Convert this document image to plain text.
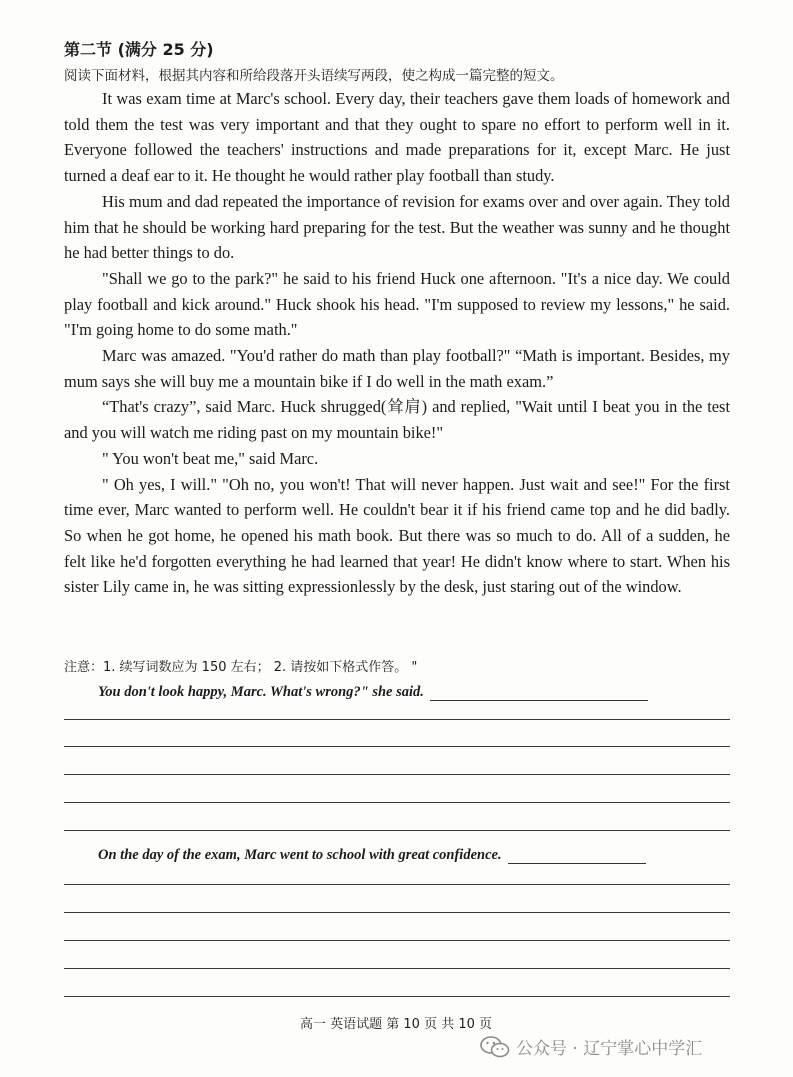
第二节 (满分 25 分)

阅读下面材料，根据其内容和所给段落开头语续写两段，使之构成一篇完整的短文。

It was exam time at Marc's school. Every day, their teachers gave them loads of homework and told them the test was very important and that they ought to spare no effort to perform well in it. Everyone followed the teachers' instructions and made preparations for it, except Marc. He just turned a deaf ear to it. He thought he would rather play football than study.

His mum and dad repeated the importance of revision for exams over and over again. They told him that he should be working hard preparing for the test. But the weather was sunny and he thought he had better things to do.

"Shall we go to the park?" he said to his friend Huck one afternoon. "It's a nice day. We could play football and kick around." Huck shook his head. "I'm supposed to review my lessons," he said. "I'm going home to do some math."

Marc was amazed. "You'd rather do math than play football?" “Math is important. Besides, my mum says she will buy me a mountain bike if I do well in the math exam.”

“That's crazy”, said Marc. Huck shrugged(耸肩) and replied, "Wait until I beat you in the test and you will watch me riding past on my mountain bike!"

" You won't beat me," said Marc.

" Oh yes, I will." "Oh no, you won't! That will never happen. Just wait and see!" For the first time ever, Marc wanted to perform well. He couldn't bear it if his friend came top and he did badly. So when he got home, he opened his math book. But there was so much to do. All of a sudden, he felt like he'd forgotten everything he had learned that year! He didn't know where to start. When his sister Lily came in, he was sitting expressionlessly by the desk, just staring out of the window.

注意：1. 续写词数应为 150 左右； 2. 请按如下格式作答。 "

You don't look happy, Marc. What's wrong?" she said.

On the day of the exam, Marc went to school with great confidence.

高一 英语试题 第 10 页 共 10 页

公众号 · 辽宁掌心中学汇
